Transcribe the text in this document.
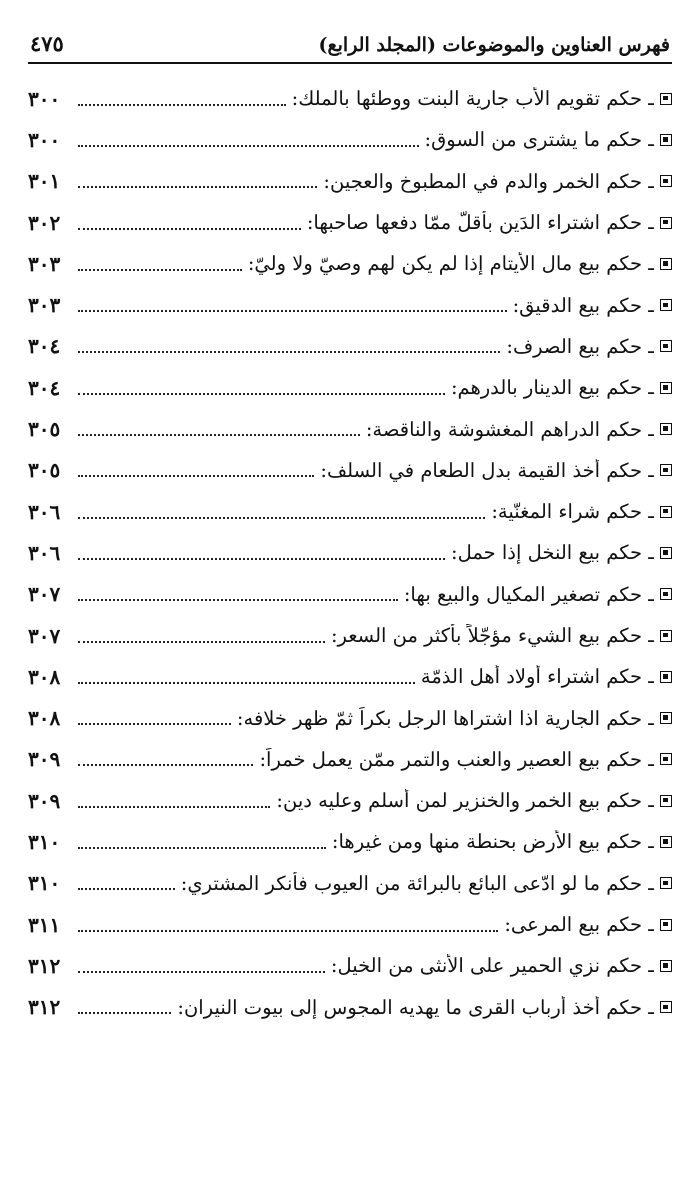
فهرس العناوين والموضوعات (المجلد الرابع)
٤٧٥
ـ حكم تقويم الأب جارية البنت ووطئها بالملك:
٣٠٠
ـ حكم ما يشترى من السوق:
٣٠٠
ـ حكم الخمر والدم في المطبوخ والعجين:
٣٠١
ـ حكم اشتراء الدَين بأقلّ ممّا دفعها صاحبها:
٣٠٢
ـ حكم بيع مال الأيتام إذا لم يكن لهم وصيّ ولا وليّ:
٣٠٣
ـ حكم بيع الدقيق:
٣٠٣
ـ حكم بيع الصرف:
٣٠٤
ـ حكم بيع الدينار بالدرهم:
٣٠٤
ـ حكم الدراهم المغشوشة والناقصة:
٣٠٥
ـ حكم أخذ القيمة بدل الطعام في السلف:
٣٠٥
ـ حكم شراء المغنّية:
٣٠٦
ـ حكم بيع النخل إذا حمل:
٣٠٦
ـ حكم تصغير المكيال والبيع بها:
٣٠٧
ـ حكم بيع الشيء مؤجّلاً بأكثر من السعر:
٣٠٧
ـ حكم اشتراء أولاد أهل الذمّة
٣٠٨
ـ حكم الجارية اذا اشتراها الرجل بكراً ثمّ ظهر خلافه:
٣٠٨
ـ حكم بيع العصير والعنب والتمر ممّن يعمل خمراً:
٣٠٩
ـ حكم بيع الخمر والخنزير لمن أسلم وعليه دين:
٣٠٩
ـ حكم بيع الأرض بحنطة منها ومن غيرها:
٣١٠
ـ حكم ما لو ادّعى البائع بالبرائة من العيوب فأنكر المشتري:
٣١٠
ـ حكم بيع المرعى:
٣١١
ـ حكم نزي الحمير على الأُنثى من الخيل:
٣١٢
ـ حكم أخذ أرباب القرى ما يهديه المجوس إلى بيوت النيران:
٣١٢
